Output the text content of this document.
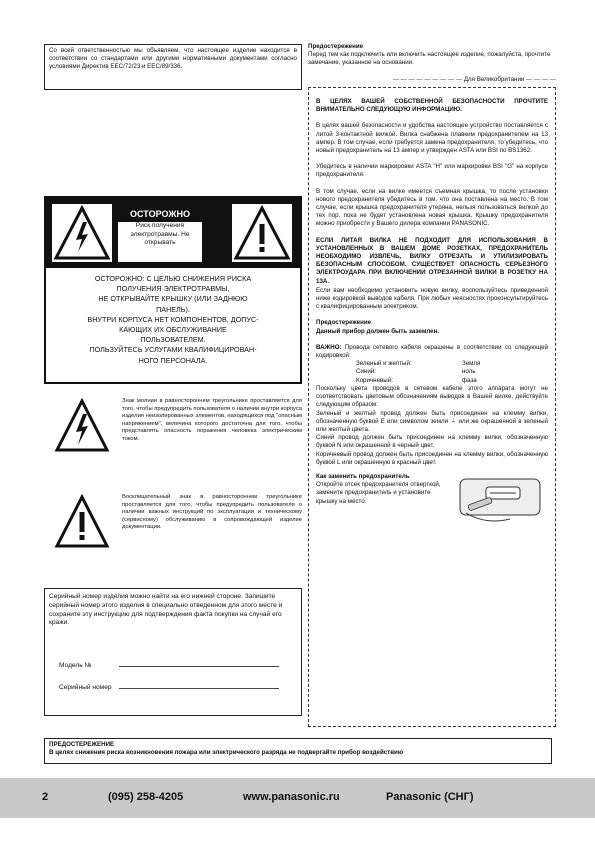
Со всей ответственностью мы объявляем, что настоящее изделие находится в соответствии со стандартами или другими нормативными документами согласно условиями Директив EEC/72/23 и EEC/89/336.

ОСТОРОЖНО
Риск получения электротравмы. Не открывать
ОСТОРОЖНО: С ЦЕЛЬЮ СНИЖЕНИЯ РИСКА
ПОЛУЧЕНИЯ ЭЛЕКТРОТРАВМЫ,
НЕ ОТКРЫВАЙТЕ КРЫШКУ (ИЛИ ЗАДНЮЮ
ПАНЕЛЬ).
ВНУТРИ КОРПУСА НЕТ КОМПОНЕНТОВ, ДОПУС-
КАЮЩИХ ИХ ОБСЛУЖИВАНИЕ
ПОЛЬЗОВАТЕЛЕМ.
ПОЛЬЗУЙТЕСЬ УСЛУГАМИ КВАЛИФИЦИРОВАН-
НОГО ПЕРСОНАЛА.

Знак молнии в равностороннем треугольнике проставляется для того, чтобы предупредить пользователя о наличии внутри корпуса изделия неизолированных элементов, находящихся под "опасным напряжением", величина которого достаточна для того, чтобы представлять опасность поражения человека электрическим током.

Восклицательный знак в равностороннем треугольнике проставляется для того, чтобы предупредить пользователя о наличии важных инструкций по эксплуатации и техническому (сервисному) обслуживанию в сопровождающей изделие документации.

Серийный номер изделия можно найти на его нижней стороне. Запишите серийный номер этого изделия в специально отведенном для этого месте и сохраните эту инструкцию для подтверждения факта покупки на случай его кражи.

Модель №
Серийный номер

Предостережение

Перед тем как подключить или включить настоящее изделие, пожалуйста, прочтите замечание, указанное на основании.

— — — — — — — — — Для Великобритании — — — —

В ЦЕЛЯХ ВАШЕЙ СОБСТВЕННОЙ БЕЗОПАСНОСТИ ПРОЧТИТЕ ВНИМАТЕЛЬНО СЛЕДУЮЩУЮ ИНФОРМАЦИЮ.

В целях вашей безопасности и удобства настоящее устройство поставляется с литой 3-контактной вилкой. Вилка снабжена плавким предохранителем на 13 ампер. В том случае, если требуется замена предохранителя, то убедитесь, что новый предохранитель на 13 ампер и утвержден ASTA или BSI по BS1362.

Убедитесь в наличии маркировки ASTA "H" или маркировки BSI "G" на корпусе предохранителя.

В том случае, если на вилке имеется съемная крышка, то после установки нового предохранителя убедитесь в том, что она поставлена на место. В том случае, если крышка предохранителя утеряна, нельзя пользоваться вилкой до тех пор, пока не будет установлена новая крышка. Крышку предохранителя можно приобрести у Вашего дилера компании PANASONIC.

ЕСЛИ ЛИТАЯ ВИЛКА НЕ ПОДХОДИТ ДЛЯ ИСПОЛЬЗОВАНИЯ В УСТАНОВЛЕННЫХ В ВАШЕМ ДОМЕ РОЗЕТКАХ, ПРЕДОХРАНИТЕЛЬ НЕОБХОДИМО ИЗВЛЕЧЬ, ВИЛКУ ОТРЕЗАТЬ И УТИЛИЗИРОВАТЬ БЕЗОПАСНЫМ СПОСОБОМ. СУЩЕСТВУЕТ ОПАСНОСТЬ СЕРЬЕЗНОГО ЭЛЕКТРОУДАРА ПРИ ВКЛЮЧЕНИИ ОТРЕЗАННОЙ ВИЛКИ В РОЗЕТКУ НА 13А.

Если вам необходимо установить новую вилку, воспользуйтесь приведенной ниже кодировкой выводов кабеля. При любых неясностях проконсультируйтесь с квалифицированным электриком.

Предостережение

Данный прибор должен быть заземлен.

ВАЖНО: Провода сетевого кабеля окрашены в соответствии со следующей кодировкой:

Зеленый и желтый:	Земля
Синий:	ноль
Коричневый:	фаза

Поскольку цвета проводов в сетевом кабеле этого аппарата могут не соответствовать цветовым обозначениям выводов в Вашей вилке, действуйте следующим образом:

Зеленый и желтый провод должен быть присоединен на клемму вилки, обозначенную буквой E или символом земли ⏚ или же окрашенной в зеленый или желтый цвета.

Синий провод должен быть присоединен на клемму вилки, обозначенную буквой N или окрашенной в черный цвет.

Коричневый провод должен быть присоединен на клемму вилки, обозначенную буквой L или окрашенную в красный цвет.

Как заменить предохранитель

Откройте отсек предохранителя отверткой, замените предохранитель и установите крышку на место.

ПРЕДОСТЕРЕЖЕНИЕ

В целях снижения риска возникновения пожара или электрического разряда не подвергайте прибор воздействию

2	(095) 258-4205	www.panasonic.ru	Panasonic (СНГ)
